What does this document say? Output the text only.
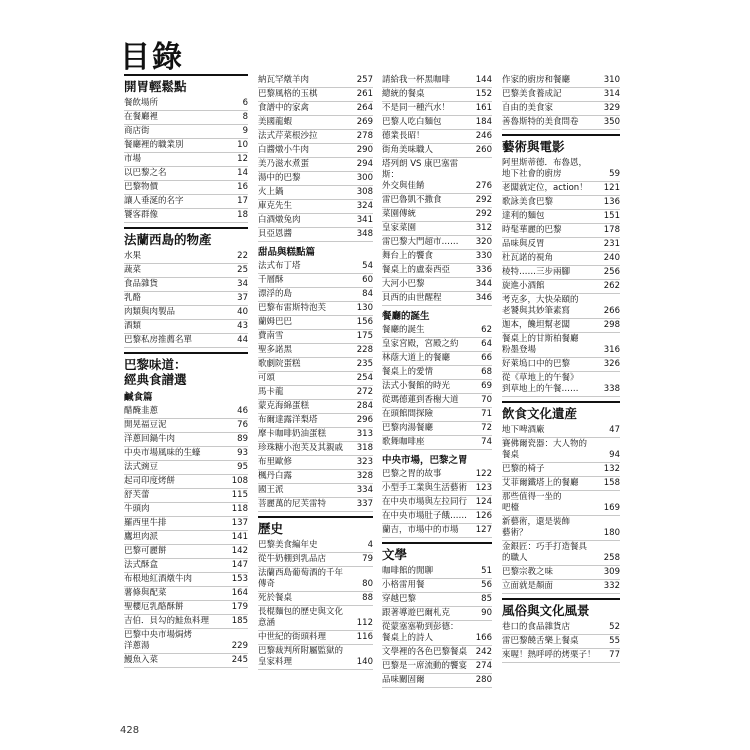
目錄
開胃輕鬆點
餐飲場所	6
在餐廳裡	8
商店街	9
餐廳裡的職業別	10
市場	12
以巴黎之名	14
巴黎物價	16
讓人垂涎的名字	17
饕客群像	18
法蘭西島的物產
水果	22
蔬菜	25
食品雜貨	34
乳酪	37
肉類與肉製品	40
酒類	43
巴黎私房推薦名單	44
巴黎味道：
經典食譜選
鹹食篇
醋醃韭蔥	46
開晃福豆泥	76
洋蔥回鍋牛肉	89
中央市場風味的生蠔	93
法式豌豆	95
起司印度烤餅	108
舒芙蕾	115
牛頭肉	118
羅西里牛排	137
鷹坦肉派	141
巴黎可麗餅	142
法式酥盒	147
布根地紅酒燉牛肉	153
薯條與配菜	164
聖櫻厄乳酪酥餅	179
吉伯．貝勾的鮭魚料理	185
巴黎中央市場焗烤
洋蔥湯	229
鰻魚入菜	245
納瓦罕燉羊肉	257
巴黎風格的玉棋	261
食譜中的家禽	264
美國龍蝦	269
法式芹菜根沙拉	278
白醬燉小牛肉	290
美乃滋水煮蛋	294
湯中的巴黎	300
火上鍋	308
庫克先生	324
白酒燉兔肉	341
貝亞恩醬	348
甜品與糕點篇
法式布丁塔	54
千層酥	60
漂浮的島	84
巴黎布雷斯特泡芙	130
蘭姆巴巴	156
費南雪	175
聖多諾黑	228
歌劇院蛋糕	235
可頌	254
馬卡龍	272
蒙克海綿蛋糕	284
布爾達露洋梨塔	296
摩卡咖啡奶油蛋糕	313
珍珠糖小泡芙及其親戚	318
布里歐修	323
楓丹白露	328
國王派	334
菩麗萬的尼芙雷特	337
歷史
巴黎美食編年史	4
從牛奶棚到乳品店	79
法蘭西島葡萄酒的千年
傳奇	80
死於餐桌	88
長棍麵包的歷史與文化
意涵	112
中世紀的街頭料理	116
巴黎裁判所附屬監獄的
皇家料理	140
請給我一杯黑咖啡	144
總統的餐桌	152
不是同一種汽水！	161
巴黎人吃白麵包	184
德業長昭！	246
街角美味職人	260
塔列朗 VS 康巴塞雷斯：
外交與佳餚	276
雷巴魯凱不撒食	292
菜園傳統	292
皇家菜園	312
雷巴黎大門超市……	320
舞台上的饗食	330
餐桌上的盧泰西亞	336
大河小巴黎	344
貝西的由世醒程	346
餐廳的誕生
餐廳的誕生	62
皇家宮殿，宮殿之約	64
林蔭大道上的餐廳	66
餐桌上的愛情	68
法式小餐館的時光	69
從瑪德蓮到香榭大道	70
在頭館間探險	71
巴黎肉湯餐廳	72
歌舞咖啡座	74
中央市場，巴黎之胃
巴黎之胃的故事	122
小型手工業與生活藝術	123
在中央市場與左拉同行	124
在中央市場肚子餓……	126
蘭吉，市場中的市場	127
文學
咖啡館的閒聊	51
小格雷用餐	56
穿越巴黎	85
跟著導遊巴爾札克	90
從蒙塞塞勒到彭德：
餐桌上的詩人	166
文學裡的各色巴黎餐桌	242
巴黎是一席流動的饗宴	274
品味關固爾	280
作家的廚房和餐廳	310
巴黎美食養成記	314
自由的美食家	329
善魯斯特的美食問卷	350
藝術與電影
阿里斯蒂德．布魯恩，
地下社會的廚房	59
老闆就定位，action！	121
歌詠美食巴黎	136
達利的麵包	151
時髦華麗的巴黎	178
品味與反胃	231
杜瓦諾的視角	240
棱特……三步兩腳	256
旋進小酒館	262
考克多，大快朵頤的
老饕與其妙筆素寫	266
迦本，饞坦幫老闆	298
餐桌上的甘斯柏餐廳
粉墨登場	316
好萊塢口中的巴黎	326
從《草地上的午餐》
到草地上的午餐……	338
飲食文化遺産
地下啤酒廠	47
賽佛爾瓷器：大人物的
餐桌	94
巴黎的椅子	132
艾菲爾鐵塔上的餐廳	158
那些值得一坐的
吧檯	169
新藝術，還是裝飾
藝術？	180
金銀匠：巧手打造餐具
的職人	258
巴黎宗教之味	309
立面就是顏面	332
風俗與文化風景
巷口的食品雜貨店	52
雷巴黎饒舌樂上餐桌	55
來喔！熱呼呼的烤栗子！	77
428
